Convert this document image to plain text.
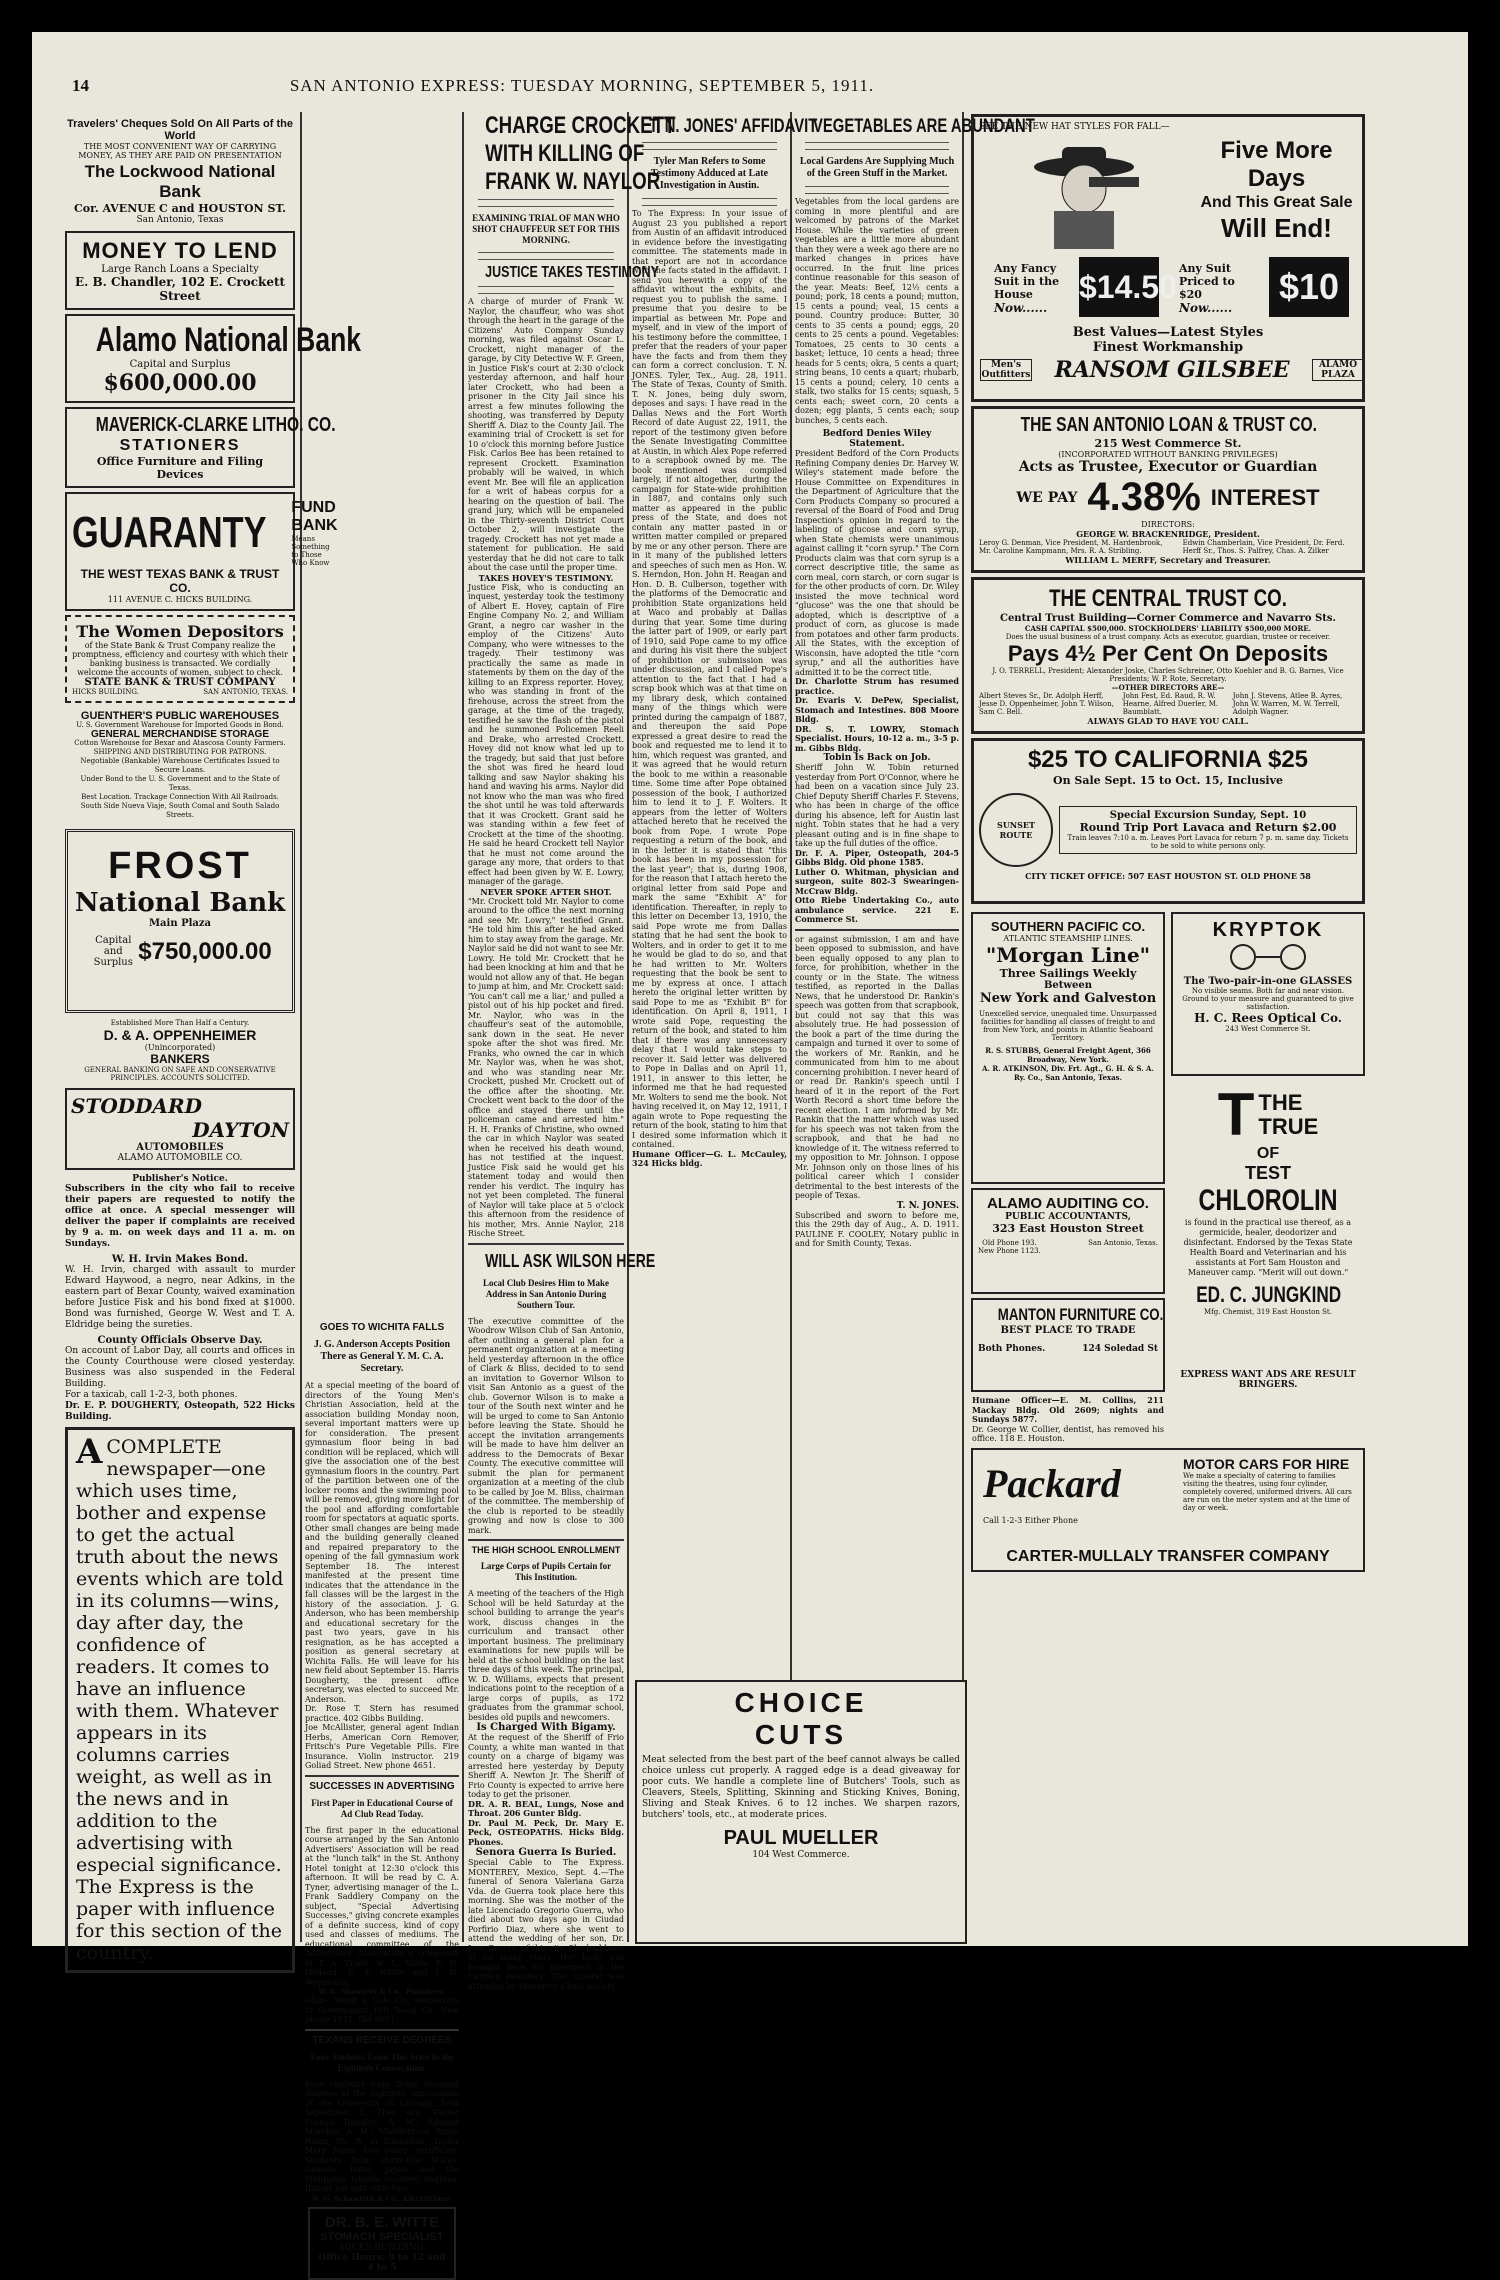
14	SAN ANTONIO EXPRESS: TUESDAY MORNING, SEPTEMBER 5, 1911.
Travelers' Cheques Sold On All Parts of the World
THE MOST CONVENIENT WAY OF CARRYING MONEY, AS THEY ARE PAID ON PRESENTATION
The Lockwood National Bank
Cor. AVENUE C and HOUSTON ST.
San Antonio, Texas
MONEY TO LEND
Large Ranch Loans a Specialty
E. B. Chandler, 102 E. Crockett Street
Alamo National Bank
Capital and Surplus
$600,000.00
MAVERICK-CLARKE LITHO. CO.
STATIONERS
Office Furniture and Filing Devices
GUARANTY
FUND BANK
Means Something to Those Who Know
THE WEST TEXAS BANK & TRUST CO.
111 AVENUE C. HICKS BUILDING.
The Women Depositors
of the State Bank & Trust Company realize the promptness, efficiency and courtesy with which their banking business is transacted. We cordially welcome the accounts of women, subject to check.
STATE BANK & TRUST COMPANY
HICKS BUILDING.	SAN ANTONIO, TEXAS.
GUENTHER'S PUBLIC WAREHOUSES
U. S. Government Warehouse for Imported Goods in Bond.
GENERAL MERCHANDISE STORAGE
Cotton Warehouse for Bexar and Atascosa County Farmers.
SHIPPING AND DISTRIBUTING FOR PATRONS.
Negotiable (Bankable) Warehouse Certificates Issued to Secure Loans.
Under Bond to the U. S. Government and to the State of Texas.
Best Location. Trackage Connection With All Railroads.
South Side Nueva Viaje, South Comal and South Salado Streets.
FROST
National Bank
Main Plaza
Capital and Surplus $750,000.00
Established More Than Half a Century.
D. & A. OPPENHEIMER
(Unincorporated)
BANKERS
GENERAL BANKING ON SAFE AND CONSERVATIVE PRINCIPLES. ACCOUNTS SOLICITED.
STODDARD
DAYTON
AUTOMOBILES
ALAMO AUTOMOBILE CO.
Publisher's Notice.

Subscribers in the city who fail to receive their papers are requested to notify the office at once. A special messenger will deliver the paper if complaints are received by 9 a. m. on week days and 11 a. m. on Sundays.

W. H. Irvin Makes Bond.

W. H. Irvin, charged with assault to murder Edward Haywood, a negro, near Adkins, in the eastern part of Bexar County, waived examination before Justice Fisk and his bond fixed at $1000. Bond was furnished, George W. West and T. A. Eldridge being the sureties.

County Officials Observe Day.

On account of Labor Day, all courts and offices in the County Courthouse were closed yesterday. Business was also suspended in the Federal Building.

For a taxicab, call 1-2-3, both phones.

Dr. E. P. DOUGHERTY, Osteopath, 522 Hicks Building.

A COMPLETE newspaper—one which uses time, bother and expense to get the actual truth about the news events which are told in its columns—wins, day after day, the confidence of readers. It comes to have an influence with them. Whatever appears in its columns carries weight, as well as in the news and in addition to the advertising with especial significance. The Express is the paper with influence for this section of the country.
GOES TO WICHITA FALLS
J. G. Anderson Accepts Position There as General Y. M. C. A. Secretary.

At a special meeting of the board of directors of the Young Men's Christian Association, held at the association building Monday noon, several important matters were up for consideration. The present gymnasium floor being in bad condition will be replaced, which will give the association one of the best gymnasium floors in the country. Part of the partition between one of the locker rooms and the swimming pool will be removed, giving more light for the pool and affording comfortable room for spectators at aquatic sports. Other small changes are being made and the building generally cleaned and repaired preparatory to the opening of the fall gymnasium work September 18. The interest manifested at the present time indicates that the attendance in the fall classes will be the largest in the history of the association. J. G. Anderson, who has been membership and educational secretary for the past two years, gave in his resignation, as he has accepted a position as general secretary at Wichita Falls. He will leave for his new field about September 15. Harris Dougherty, the present office secretary, was elected to succeed Mr. Anderson.

Dr. Rose T. Stern has resumed practice. 402 Gibbs Building.

Joe McAllister, general agent Indian Herbs, American Corn Remover, Fritsch's Pure Vegetable Pills. Fire Insurance. Violin instructor. 219 Goliad Street. New phone 4651.

SUCCESSES IN ADVERTISING
First Paper in Educational Course of Ad Club Read Today.

The first paper in the educational course arranged by the San Antonio Advertisers' Association will be read at the "lunch talk" in the St. Anthony Hotel tonight at 12:30 o'clock this afternoon. It will be read by C. A. Tyner, advertising manager of the L. Frank Saddlery Company on the subject, "Special Advertising Successes," giving concrete examples of a definite success, kind of copy used and classes of mediums. The educational committee of the Advertisers' Association is composed of T. A. Trade, W. L. Stiles, E. H. Holland, E. Y. White and J. H. Weymouth.

W. G. Shawieth & Co., Plumbers.

Glaze, Wood & Cole Co., successors to Government Hill Wood Co. New phone 1911. Old 6051.

TEXANS RECEIVE DEGREES
Four Students From This State in the Eightieth Convocation.

Four students from Texas received degrees at the eightieth convocation of the University of Chicago, held September 1. They are: Walter Francis Doughty, A. M.; Edward Munden, A. M.; Middlebrook Annie Nunn, Ph. B. in Education; Taylor Mary Nunn, two years' certificate. Students from thirty-five States, Canada, India, Japan and the Philippine Islands received degrees. Illinois led with sixty-two.

W. G. Schawieth & Co., Electricians.
DR. B. E. WITTE
STOMACH SPECIALIST
HICKS BUILDING
Office Hours: 9 to 12 and 4 to 5
CHARGE CROCKETT
WITH KILLING OF
FRANK W. NAYLOR
EXAMINING TRIAL OF MAN WHO SHOT CHAUFFEUR SET FOR THIS MORNING.
JUSTICE TAKES TESTIMONY

A charge of murder of Frank W. Naylor, the chauffeur, who was shot through the heart in the garage of the Citizens' Auto Company Sunday morning, was filed against Oscar L. Crockett, night manager of the garage, by City Detective W. F. Green, in Justice Fisk's court at 2:30 o'clock yesterday afternoon, and half hour later Crockett, who had been a prisoner in the City Jail since his arrest a few minutes following the shooting, was transferred by Deputy Sheriff A. Diaz to the County Jail. The examining trial of Crockett is set for 10 o'clock this morning before Justice Fisk. Carlos Bee has been retained to represent Crockett. Examination probably will be waived, in which event Mr. Bee will file an application for a writ of habeas corpus for a hearing on the question of bail. The grand jury, which will be empaneled in the Thirty-seventh District Court October 2, will investigate the tragedy. Crockett has not yet made a statement for publication. He said yesterday that he did not care to talk about the case until the proper time.

TAKES HOVEY'S TESTIMONY.

Justice Fisk, who is conducting an inquest, yesterday took the testimony of Albert E. Hovey, captain of Fire Engine Company No. 2, and William Grant, a negro car washer in the employ of the Citizens' Auto Company, who were witnesses to the tragedy. Their testimony was practically the same as made in statements by them on the day of the killing to an Express reporter. Hovey, who was standing in front of the firehouse, across the street from the garage, at the time of the tragedy, testified he saw the flash of the pistol and he summoned Policemen Reeli and Drake, who arrested Crockett. Hovey did not know what led up to the tragedy, but said that just before the shot was fired he heard loud talking and saw Naylor shaking his hand and waving his arms. Naylor did not know who the man was who fired the shot until he was told afterwards that it was Crockett. Grant said he was standing within a few feet of Crockett at the time of the shooting. He said he heard Crockett tell Naylor that he must not come around the garage any more, that orders to that effect had been given by W. E. Lowry, manager of the garage.

NEVER SPOKE AFTER SHOT.

"Mr. Crockett told Mr. Naylor to come around to the office the next morning and see Mr. Lowry," testified Grant. "He told him this after he had asked him to stay away from the garage. Mr. Naylor said he did not want to see Mr. Lowry. He told Mr. Crockett that he had been knocking at him and that he would not allow any of that. He began to jump at him, and Mr. Crockett said: 'You can't call me a liar,' and pulled a pistol out of his hip pocket and fired. Mr. Naylor, who was in the chauffeur's seat of the automobile, sank down in the seat. He never spoke after the shot was fired. Mr. Franks, who owned the car in which Mr. Naylor was, when he was shot, and who was standing near Mr. Crockett, pushed Mr. Crockett out of the office after the shooting. Mr. Crockett went back to the door of the office and stayed there until the policeman came and arrested him." H. H. Franks of Christine, who owned the car in which Naylor was seated when he received his death wound, has not testified at the inquest. Justice Fisk said he would get his statement today and would then render his verdict. The inquiry has not yet been completed. The funeral of Naylor will take place at 5 o'clock this afternoon from the residence of his mother, Mrs. Annie Naylor, 218 Rische Street.

WILL ASK WILSON HERE
Local Club Desires Him to Make Address in San Antonio During Southern Tour.

The executive committee of the Woodrow Wilson Club of San Antonio, after outlining a general plan for a permanent organization at a meeting held yesterday afternoon in the office of Clark & Bliss, decided to to send an invitation to Governor Wilson to visit San Antonio as a guest of the club. Governor Wilson is to make a tour of the South next winter and he will be urged to come to San Antonio before leaving the State. Should he accept the invitation arrangements will be made to have him deliver an address to the Democrats of Bexar County. The executive committee will submit the plan for permanent organization at a meeting of the club to be called by Joe M. Bliss, chairman of the committee. The membership of the club is reported to be steadily growing and now is close to 300 mark.

THE HIGH SCHOOL ENROLLMENT
Large Corps of Pupils Certain for This Institution.

A meeting of the teachers of the High School will be held Saturday at the school building to arrange the year's work, discuss changes in the curriculum and transact other important business. The preliminary examinations for new pupils will be held at the school building on the last three days of this week. The principal, W. D. Williams, expects that present indications point to the reception of a large corps of pupils, as 172 graduates from the grammar school, besides old pupils and newcomers.

Is Charged With Bigamy.

At the request of the Sheriff of Frio County, a white man wanted in that county on a charge of bigamy was arrested here yesterday by Deputy Sheriff A. Newton Jr. The Sheriff of Frio County is expected to arrive here today to get the prisoner.

DR. A. R. BEAL, Lungs, Nose and Throat. 206 Gunter Bldg.

Dr. Paul M. Peck, Dr. Mary E. Peck, OSTEOPATHS. Hicks Bldg. Phones.

Senora Guerra Is Buried.

Special Cable to The Express. MONTEREY, Mexico, Sept. 4.—The funeral of Senora Valeriana Garza Vda. de Guerra took place here this morning. She was the mother of the late Licenciado Gregorio Guerra, who died about two days ago in Ciudad Porfirio Diaz, where she went to attend the wedding of her son, Dr. Jose Guerra, of this city. She had been ill for many years. Her body was brought here for interment in the Carmen cemetery. The funeral was attended by Monterey's best society.

T. N. JONES' AFFIDAVIT
Tyler Man Refers to Some Testimony Adduced at Late Investigation in Austin.

To The Express: In your issue of August 23 you published a report from Austin of an affidavit introduced in evidence before the investigating committee. The statements made in that report are not in accordance with the facts stated in the affidavit. I send you herewith a copy of the affidavit without the exhibits, and request you to publish the same. I presume that you desire to be impartial as between Mr. Pope and myself, and in view of the import of his testimony before the committee, I prefer that the readers of your paper have the facts and from them they can form a correct conclusion. T. N. JONES. Tyler, Tex., Aug. 28, 1911. The State of Texas, County of Smith. T. N. Jones, being duly sworn, deposes and says: I have read in the Dallas News and the Fort Worth Record of date August 22, 1911, the report of the testimony given before the Senate Investigating Committee at Austin, in which Alex Pope referred to a scrapbook owned by me. The book mentioned was compiled largely, if not altogether, during the campaign for State-wide prohibition in 1887, and contains only such matter as appeared in the public press of the State, and does not contain any matter pasted in or written matter compiled or prepared by me or any other person. There are in it many of the published letters and speeches of such men as Hon. W. S. Herndon, Hon. John H. Reagan and Hon. D. B. Culberson, together with the platforms of the Democratic and prohibition State organizations held at Waco and probably at Dallas during that year. Some time during the latter part of 1909, or early part of 1910, said Pope came to my office and during his visit there the subject of prohibition or submission was under discussion, and I called Pope's attention to the fact that I had a scrap book which was at that time on my library desk, which contained many of the things which were printed during the campaign of 1887, and thereupon the said Pope expressed a great desire to read the book and requested me to lend it to him, which request was granted, and it was agreed that he would return the book to me within a reasonable time. Some time after Pope obtained possession of the book, I authorized him to lend it to J. F. Wolters. It appears from the letter of Wolters attached hereto that he received the book from Pope. I wrote Pope requesting a return of the book, and in the letter it is stated that "this book has been in my possession for the last year"; that is, during 1908, for the reason that I attach hereto the original letter from said Pope and mark the same "Exhibit A" for identification. Thereafter, in reply to this letter on December 13, 1910, the said Pope wrote me from Dallas stating that he had sent the book to Wolters, and in order to get it to me he would be glad to do so, and that he had written to Mr. Wolters requesting that the book be sent to me by express at once. I attach hereto the original letter written by said Pope to me as "Exhibit B" for identification. On April 8, 1911, I wrote said Pope, requesting the return of the book, and stated to him that if there was any unnecessary delay that I would take steps to recover it. Said letter was delivered to Pope in Dallas and on April 11, 1911, in answer to this letter, he informed me that he had requested Mr. Wolters to send me the book. Not having received it, on May 12, 1911, I again wrote to Pope requesting the return of the book, stating to him that I desired some information which it contained.

Humane Officer—G. L. McCauley, 324 Hicks bldg.

VEGETABLES ARE ABUNDANT
Local Gardens Are Supplying Much of the Green Stuff in the Market.

Vegetables from the local gardens are coming in more plentiful and are welcomed by patrons of the Market House. While the varieties of green vegetables are a little more abundant than they were a week ago there are no marked changes in prices have occurred. In the fruit line prices continue reasonable for this season of the year. Meats: Beef, 12½ cents a pound; pork, 18 cents a pound; mutton, 15 cents a pound; veal, 15 cents a pound. Country produce: Butter, 30 cents to 35 cents a pound; eggs, 20 cents to 25 cents a pound. Vegetables: Tomatoes, 25 cents to 30 cents a basket; lettuce, 10 cents a head; three heads for 5 cents; okra, 5 cents a quart; string beans, 10 cents a quart; rhubarb, 15 cents a pound; celery, 10 cents a stalk, two stalks for 15 cents; squash, 5 cents each; sweet corn, 20 cents a dozen; egg plants, 5 cents each; soup bunches, 5 cents each.

Bedford Denies Wiley Statement.

President Bedford of the Corn Products Refining Company denies Dr. Harvey W. Wiley's statement made before the House Committee on Expenditures in the Department of Agriculture that the Corn Products Company so procured a reversal of the Board of Food and Drug Inspection's opinion in regard to the labeling of glucose and corn syrup, when State chemists were unanimous against calling it "corn syrup." The Corn Products claim was that corn syrup is a correct descriptive title, the same as corn meal, corn starch, or corn sugar is for the other products of corn. Dr. Wiley insisted the move technical word "glucose" was the one that should be adopted, which is descriptive of a product of corn, as glucose is made from potatoes and other farm products. All the States, with the exception of Wisconsin, have adopted the title "corn syrup," and all the authorities have admitted it to be the correct title.

Dr. Charlotte Strum has resumed practice.

Dr. Evaris V. DePew, Specialist, Stomach and Intestines. 808 Moore Bldg.

DR. S. T. LOWRY, Stomach Specialist. Hours, 10-12 a. m., 3-5 p. m. Gibbs Bldg.

Tobin Is Back on Job.

Sheriff John W. Tobin returned yesterday from Port O'Connor, where he had been on a vacation since July 23. Chief Deputy Sheriff Charles F. Stevens, who has been in charge of the office during his absence, left for Austin last night. Tobin states that he had a very pleasant outing and is in fine shape to take up the full duties of the office.

Dr. F. A. Piper, Osteopath, 204-5 Gibbs Bldg. Old phone 1585.

Luther O. Whitman, physician and surgeon, suite 802-3 Swearingen-McCraw Bldg.

Otto Riebe Undertaking Co., auto ambulance service. 221 E. Commerce St.

or against submission, I am and have been opposed to submission, and have been equally opposed to any plan to force, for prohibition, whether in the county or in the State. The witness testified, as reported in the Dallas News, that he understood Dr. Rankin's speech was gotten from that scrapbook, but could not say that this was absolutely true. He had possession of the book a part of the time during the campaign and turned it over to some of the workers of Mr. Rankin, and he communicated from him to me about concerning prohibition. I never heard of or read Dr. Rankin's speech until I heard of it in the report of the Fort Worth Record a short time before the recent election. I am informed by Mr. Rankin that the matter which was used for his speech was not taken from the scrapbook, and that he had no knowledge of it. The witness referred to my opposition to Mr. Johnson. I oppose Mr. Johnson only on those lines of his political career which I consider detrimental to the best interests of the people of Texas.

T. N. JONES.

Subscribed and sworn to before me, this the 29th day of Aug., A. D. 1911. PAULINE F. COOLEY, Notary public in and for Smith County, Texas.

CHOICE
CUTS

Meat selected from the best part of the beef cannot always be called choice unless cut properly. A ragged edge is a dead giveaway for poor cuts. We handle a complete line of Butchers' Tools, such as Cleavers, Steels, Splitting, Skinning and Sticking Knives, Boning, Sliving and Steak Knives. 6 to 12 inches. We sharpen razors, butchers' tools, etc., at moderate prices.

PAUL MUELLER
104 West Commerce.
SEE THE NEW HAT STYLES FOR FALL—
Five More Days
And This Great Sale
Will End!
Any Fancy Suit in the House
Now......
$14.50
Any Suit Priced to $20
Now......
$10
Best Values—Latest Styles
Finest Workmanship
Men's Outfitters RANSOM GILSBEE	ALAMO PLAZA
THE SAN ANTONIO LOAN & TRUST CO.
215 West Commerce St.
(INCORPORATED WITHOUT BANKING PRIVILEGES)
Acts as Trustee, Executor or Guardian
WE PAY 4.38% INTEREST
DIRECTORS:
GEORGE W. BRACKENRIDGE, President.
Leroy G. Denman, Vice President, M. Hardenbrook, Mr. Caroline Kampmann, Mrs. R. A. Stribling.
Edwin Chamberlain, Vice President, Dr. Ferd. Herff Sr., Thos. S. Palfrey, Chas. A. Zilker
WILLIAM L. MERFF, Secretary and Treasurer.
THE CENTRAL TRUST CO.
Central Trust Building—Corner Commerce and Navarro Sts.
CASH CAPITAL $500,000. STOCKHOLDERS' LIABILITY $500,000 MORE.
Does the usual business of a trust company. Acts as executor, guardian, trustee or receiver.
Pays 4½ Per Cent On Deposits
J. O. TERRELL, President; Alexander Joske, Charles Schreiner, Otto Koehler and B. G. Barnes, Vice Presidents; W. P. Rote, Secretary.
—OTHER DIRECTORS ARE—
Albert Steves Sr., Dr. Adolph Herff, Jesse D. Oppenheimer, John T. Wilson, Sam C. Bell.
John Fest, Ed. Raud, R. W. Hearne, Alfred Duerler, M. Baumblatt.
John J. Stevens, Atlee B. Ayres, John W. Warren, M. W. Terrell, Adolph Wagner.
ALWAYS GLAD TO HAVE YOU CALL.
$25 TO CALIFORNIA $25
On Sale Sept. 15 to Oct. 15, Inclusive
SUNSET ROUTE
Special Excursion Sunday, Sept. 10
Round Trip Port Lavaca and Return $2.00
Train leaves 7:10 a. m. Leaves Port Lavaca for return 7 p. m. same day. Tickets to be sold to white persons only.
CITY TICKET OFFICE: 507 EAST HOUSTON ST. OLD PHONE 58
SOUTHERN PACIFIC CO.
ATLANTIC STEAMSHIP LINES.
"Morgan Line"
Three Sailings Weekly
Between
New York and Galveston
Unexcelled service, unequaled time. Unsurpassed facilities for handling all classes of freight to and from New York, and points in Atlantic Seaboard Territory.
R. S. STUBBS, General Freight Agent, 366 Broadway, New York.
A. R. ATKINSON, Div. Frt. Agt., G. H. & S. A. Ry. Co., San Antonio, Texas.
ALAMO AUDITING CO.
PUBLIC ACCOUNTANTS,
323 East Houston Street
Old Phone 193.
New Phone 1123.
San Antonio, Texas.
MANTON FURNITURE CO.
BEST PLACE TO TRADE
Both Phones.	124 Soledad St

Humane Officer—E. M. Collins, 211 Mackay Bldg. Old 2609; nights and Sundays 5877.

Dr. George W. Collier, dentist, has removed his office. 118 E. Houston.

KRYPTOK
The Two-pair-in-one GLASSES
No visible seams. Both far and near vision. Ground to your measure and guaranteed to give satisfaction.
H. C. Rees Optical Co.
243 West Commerce St.
T THE
TRUE
OF
TEST
CHLOROLIN
is found in the practical use thereof, as a germicide, healer, deodorizer and disinfectant. Endorsed by the Texas State Health Board and Veterinarian and his assistants at Fort Sam Houston and Maneuver camp. "Merit will out down."
ED. C. JUNGKIND
Mfg. Chemist, 319 East Houston St.
EXPRESS WANT ADS ARE RESULT BRINGERS.
Packard
Call 1-2-3 Either Phone
MOTOR CARS FOR HIRE
We make a specialty of catering to families visiting the theatres, using four cylinder, completely covered, uniformed drivers. All cars are run on the meter system and at the time of day or week.
CARTER-MULLALY TRANSFER COMPANY
